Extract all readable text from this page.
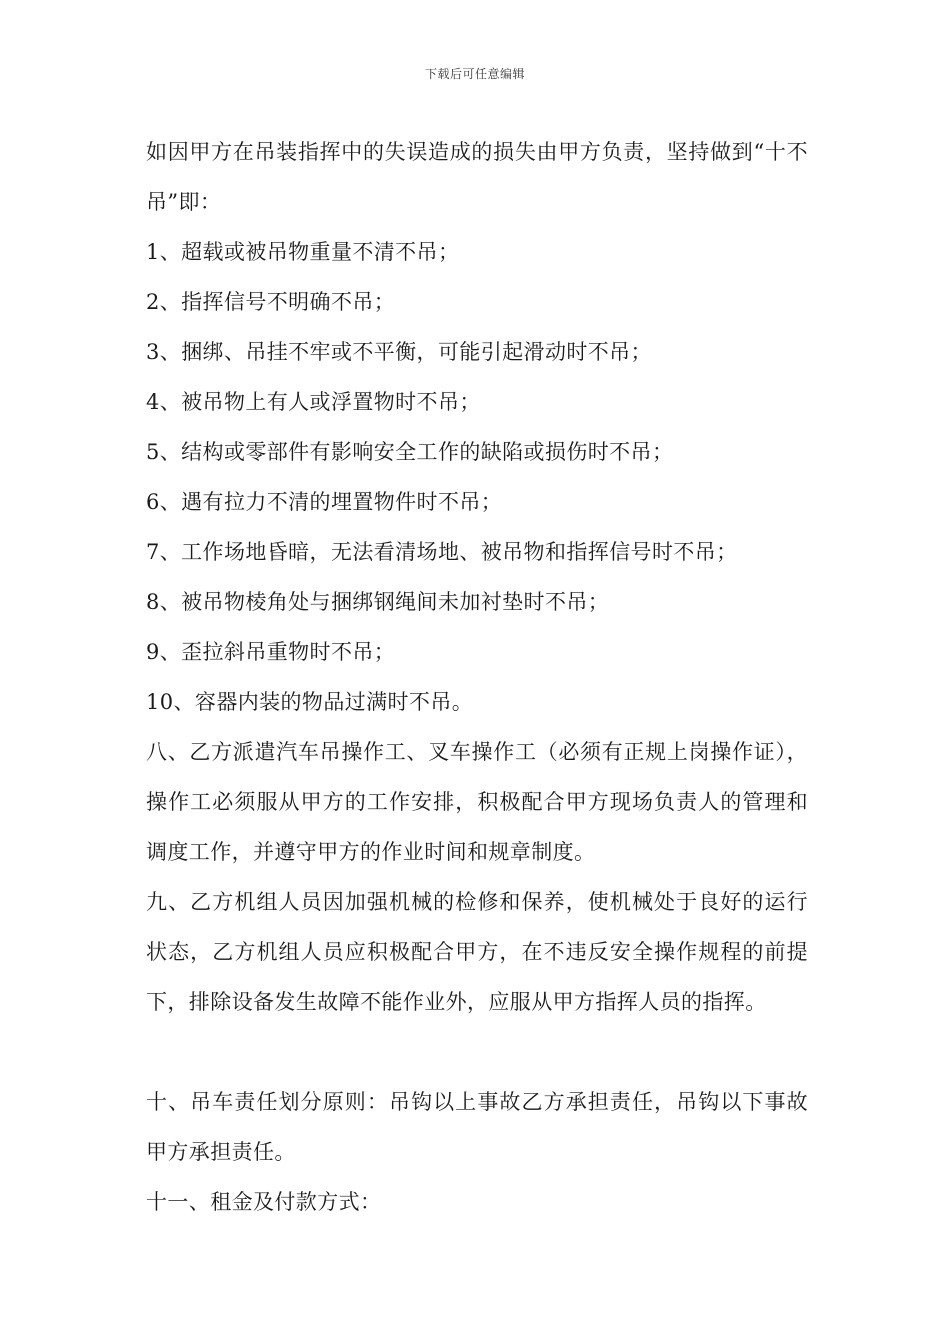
下载后可任意编辑

如因甲方在吊装指挥中的失误造成的损失由甲方负责，坚持做到“十不吊”即：

1、超载或被吊物重量不清不吊；

2、指挥信号不明确不吊；

3、捆绑、吊挂不牢或不平衡，可能引起滑动时不吊；

4、被吊物上有人或浮置物时不吊；

5、结构或零部件有影响安全工作的缺陷或损伤时不吊；

6、遇有拉力不清的埋置物件时不吊；

7、工作场地昏暗，无法看清场地、被吊物和指挥信号时不吊；

8、被吊物棱角处与捆绑钢绳间未加衬垫时不吊；

9、歪拉斜吊重物时不吊；

10、容器内装的物品过满时不吊。

八、乙方派遣汽车吊操作工、叉车操作工（必须有正规上岗操作证），操作工必须服从甲方的工作安排，积极配合甲方现场负责人的管理和调度工作，并遵守甲方的作业时间和规章制度。

九、乙方机组人员因加强机械的检修和保养，使机械处于良好的运行状态，乙方机组人员应积极配合甲方，在不违反安全操作规程的前提下，排除设备发生故障不能作业外，应服从甲方指挥人员的指挥。

十、吊车责任划分原则：吊钩以上事故乙方承担责任，吊钩以下事故甲方承担责任。

十一、租金及付款方式：
